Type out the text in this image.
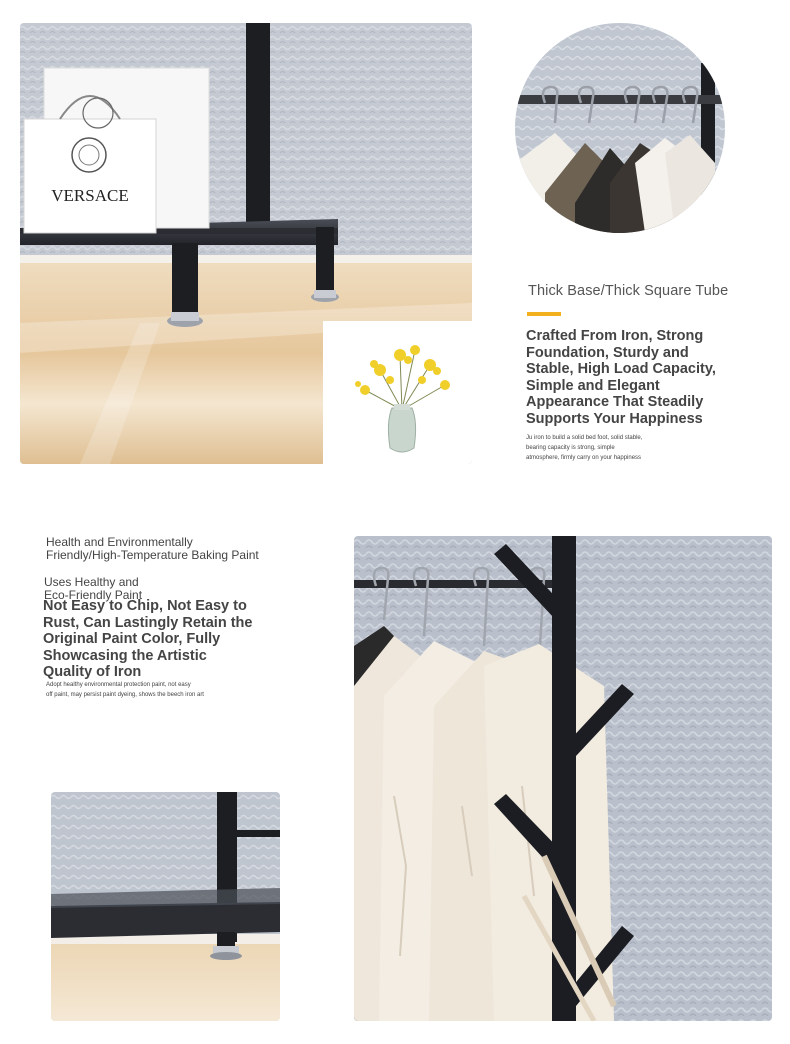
VERSACE
Thick Base/Thick Square Tube
Crafted From Iron, Strong Foundation, Sturdy and Stable, High Load Capacity, Simple and Elegant Appearance That Steadily Supports Your Happiness
Ju iron to build a solid bed foot, solid stable,
bearing capacity is strong, simple
atmosphere, firmly carry on your happiness
Health and Environmentally
Friendly/High-Temperature Baking Paint
Uses Healthy and
Eco-Friendly Paint
Not Easy to Chip, Not Easy to
Rust, Can Lastingly Retain the
Original Paint Color, Fully
Showcasing the Artistic
Quality of Iron
Adopt healthy environmental protection paint, not easy
off paint, may persist paint dyeing, shows the beech iron art
